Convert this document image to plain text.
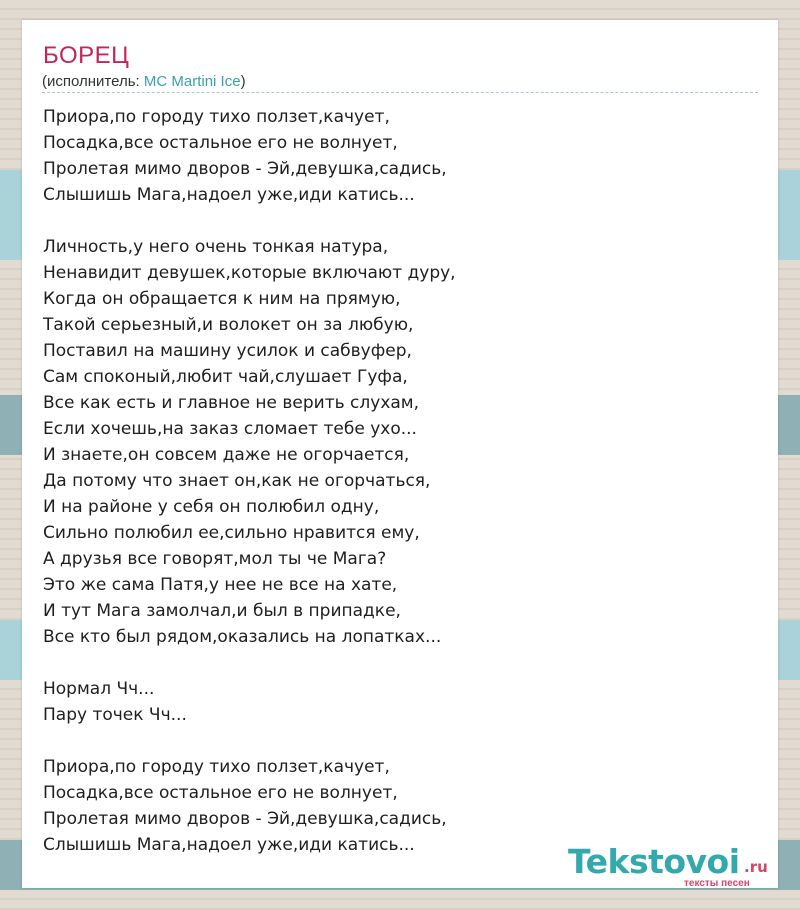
БОРЕЦ
(исполнитель: MC Martini Ice)
Приора,по городу тихо ползет,качует,
Посадка,все остальное его не волнует,
Пролетая мимо дворов - Эй,девушка,садись,
Слышишь Мага,надоел уже,иди катись...
Личность,у него очень тонкая натура,
Ненавидит девушек,которые включают дуру,
Когда он обращается к ним на прямую,
Такой серьезный,и волокет он за любую,
Поставил на машину усилок и сабвуфер,
Сам споконый,любит чай,слушает Гуфа,
Все как есть и главное не верить слухам,
Если хочешь,на заказ сломает тебе ухо...
И знаете,он совсем даже не огорчается,
Да потому что знает он,как не огорчаться,
И на районе у себя он полюбил одну,
Сильно полюбил ее,сильно нравится ему,
А друзья все говорят,мол ты че Мага?
Это же сама Патя,у нее не все на хате,
И тут Мага замолчал,и был в припадке,
Все кто был рядом,оказались на лопатках...
Нормал Чч...
Пару точек Чч...
Приора,по городу тихо ползет,качует,
Посадка,все остальное его не волнует,
Пролетая мимо дворов - Эй,девушка,садись,
Слышишь Мага,надоел уже,иди катись...	Tekstovoi .ru
тексты песен
